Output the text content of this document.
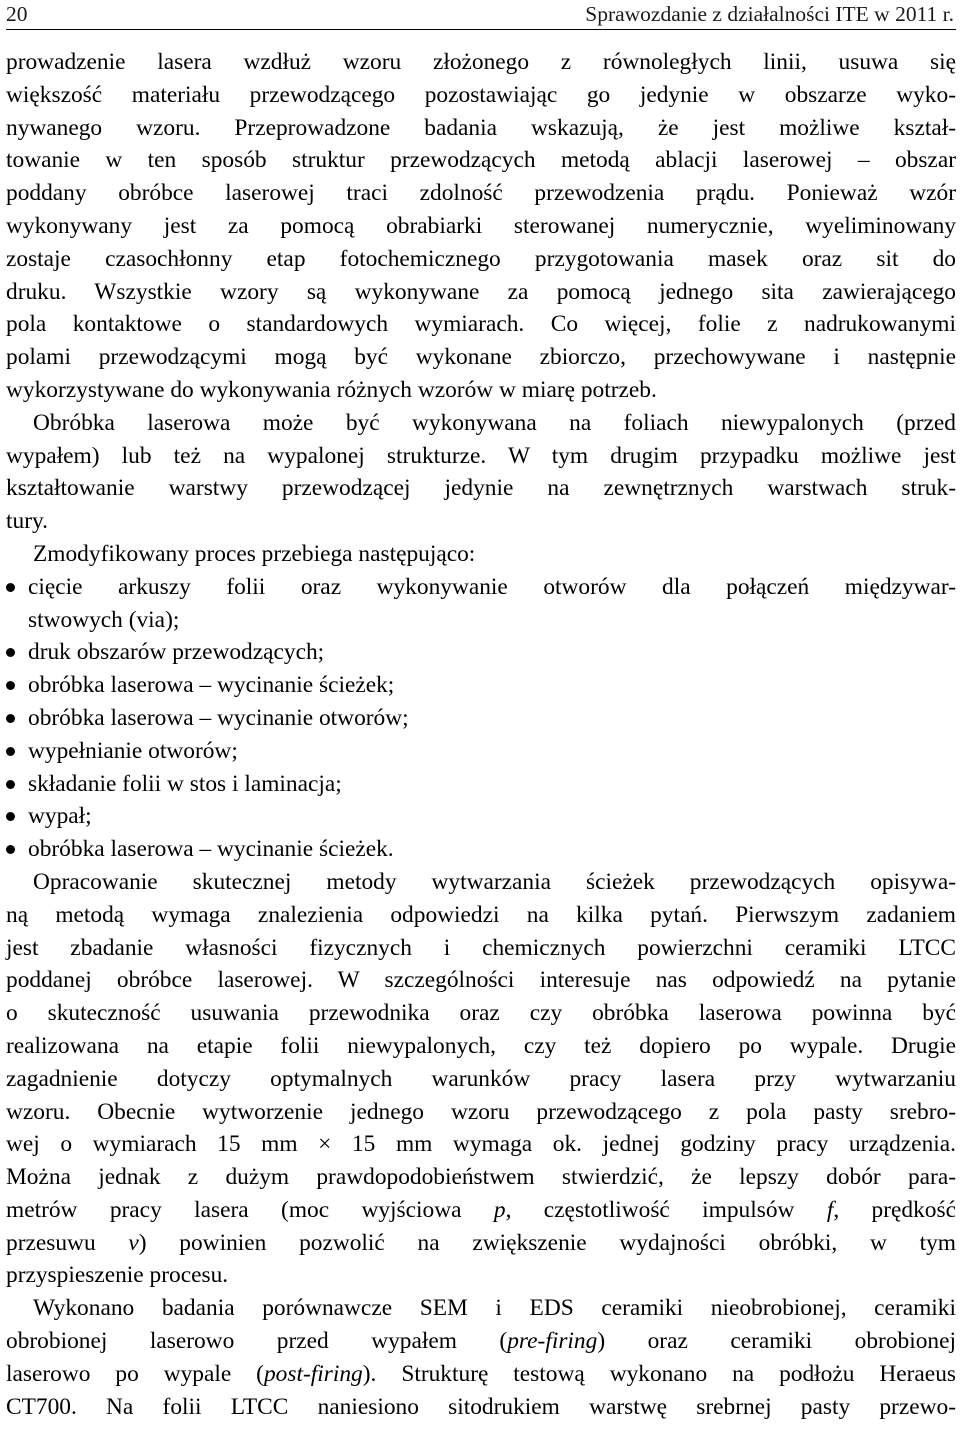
20	Sprawozdanie z działalności ITE w 2011 r.

prowadzenie lasera wzdłuż wzoru złożonego z równoległych linii, usuwa się

większość materiału przewodzącego pozostawiając go jedynie w obszarze wyko-

nywanego wzoru. Przeprowadzone badania wskazują, że jest możliwe kształ-

towanie w ten sposób struktur przewodzących metodą ablacji laserowej – obszar

poddany obróbce laserowej traci zdolność przewodzenia prądu. Ponieważ wzór

wykonywany jest za pomocą obrabiarki sterowanej numerycznie, wyeliminowany

zostaje czasochłonny etap fotochemicznego przygotowania masek oraz sit do

druku. Wszystkie wzory są wykonywane za pomocą jednego sita zawierającego

pola kontaktowe o standardowych wymiarach. Co więcej, folie z nadrukowanymi

polami przewodzącymi mogą być wykonane zbiorczo, przechowywane i następnie

wykorzystywane do wykonywania różnych wzorów w miarę potrzeb.

Obróbka laserowa może być wykonywana na foliach niewypalonych (przed

wypałem) lub też na wypalonej strukturze. W tym drugim przypadku możliwe jest

kształtowanie warstwy przewodzącej jedynie na zewnętrznych warstwach struk-

tury.

Zmodyfikowany proces przebiega następująco:

cięcie arkuszy folii oraz wykonywanie otworów dla połączeń międzywar-
stwowych (via);
druk obszarów przewodzących;
obróbka laserowa – wycinanie ścieżek;
obróbka laserowa – wycinanie otworów;
wypełnianie otworów;
składanie folii w stos i laminacja;
wypał;
obróbka laserowa – wycinanie ścieżek.

Opracowanie skutecznej metody wytwarzania ścieżek przewodzących opisywa-

ną metodą wymaga znalezienia odpowiedzi na kilka pytań. Pierwszym zadaniem

jest zbadanie własności fizycznych i chemicznych powierzchni ceramiki LTCC

poddanej obróbce laserowej. W szczególności interesuje nas odpowiedź na pytanie

o skuteczność usuwania przewodnika oraz czy obróbka laserowa powinna być

realizowana na etapie folii niewypalonych, czy też dopiero po wypale. Drugie

zagadnienie dotyczy optymalnych warunków pracy lasera przy wytwarzaniu

wzoru. Obecnie wytworzenie jednego wzoru przewodzącego z pola pasty srebro-

wej o wymiarach 15 mm × 15 mm wymaga ok. jednej godziny pracy urządzenia.

Można jednak z dużym prawdopodobieństwem stwierdzić, że lepszy dobór para-

metrów pracy lasera (moc wyjściowa p, częstotliwość impulsów f, prędkość

przesuwu v) powinien pozwolić na zwiększenie wydajności obróbki, w tym

przyspieszenie procesu.

Wykonano badania porównawcze SEM i EDS ceramiki nieobrobionej, ceramiki

obrobionej laserowo przed wypałem (pre-firing) oraz ceramiki obrobionej

laserowo po wypale (post-firing). Strukturę testową wykonano na podłożu Heraeus

CT700. Na folii LTCC naniesiono sitodrukiem warstwę srebrnej pasty przewo-
